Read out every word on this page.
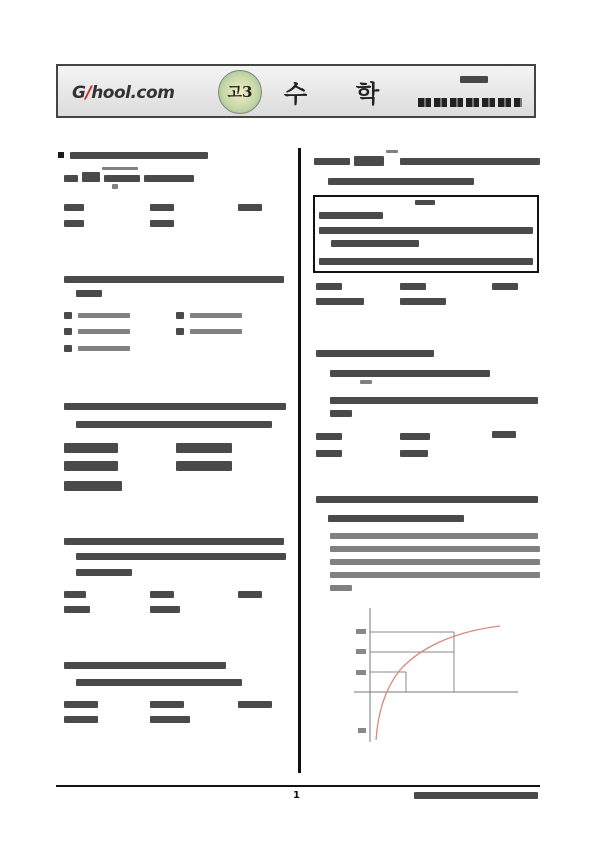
G/hool.com	고3 수 학
1
